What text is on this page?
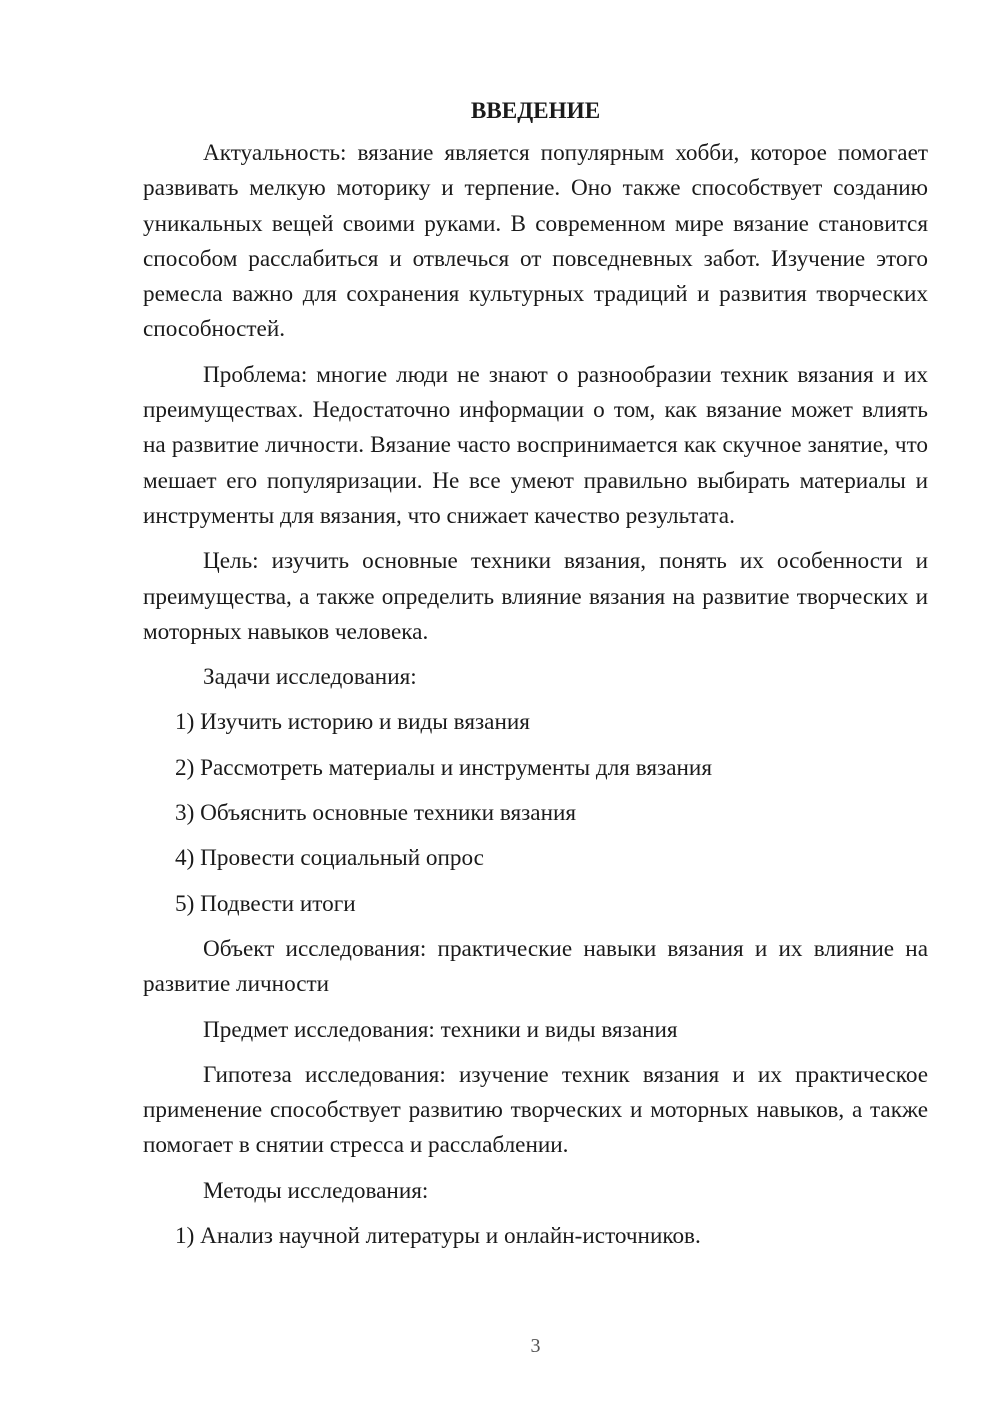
ВВЕДЕНИЕ

Актуальность: вязание является популярным хобби, которое помогает развивать мелкую моторику и терпение. Оно также способствует созданию уникальных вещей своими руками. В современном мире вязание становится способом расслабиться и отвлечься от повседневных забот. Изучение этого ремесла важно для сохранения культурных традиций и развития творческих способностей.

Проблема: многие люди не знают о разнообразии техник вязания и их преимуществах. Недостаточно информации о том, как вязание может влиять на развитие личности. Вязание часто воспринимается как скучное занятие, что мешает его популяризации. Не все умеют правильно выбирать материалы и инструменты для вязания, что снижает качество результата.

Цель: изучить основные техники вязания, понять их особенности и преимущества, а также определить влияние вязания на развитие творческих и моторных навыков человека.

Задачи исследования:

1) Изучить историю и виды вязания

2) Рассмотреть материалы и инструменты для вязания

3) Объяснить основные техники вязания

4) Провести социальный опрос

5) Подвести итоги

Объект исследования: практические навыки вязания и их влияние на развитие личности

Предмет исследования: техники и виды вязания

Гипотеза исследования: изучение техник вязания и их практическое применение способствует развитию творческих и моторных навыков, а также помогает в снятии стресса и расслаблении.

Методы исследования:

1) Анализ научной литературы и онлайн-источников.

3
